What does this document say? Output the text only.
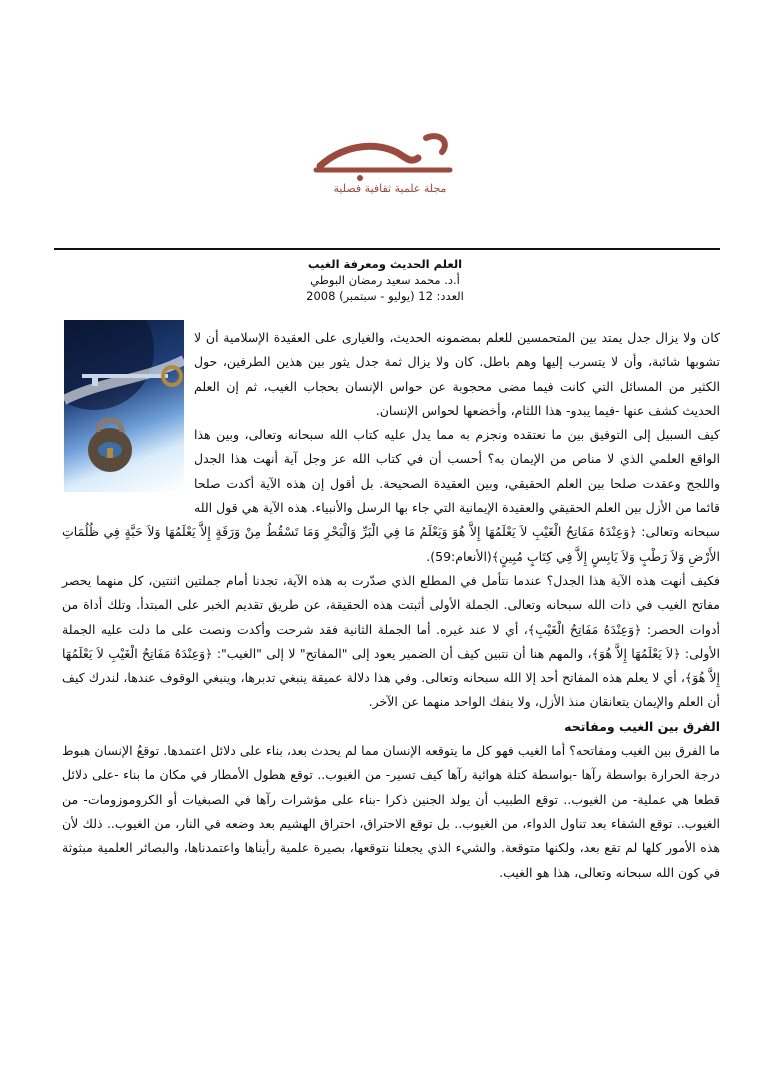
مجلة علمية ثقافية فصلية
العلم الحديث ومعرفة الغيب
أ.د. محمد سعيد رمضان البوطي
العدد: 12 (يوليو - سبتمبر) 2008

كان ولا يزال جدل يمتد بين المتحمسين للعلم بمضمونه الحديث، والغيارى على العقيدة الإسلامية أن لا تشوبها شائبة، وأن لا يتسرب إليها وهم باطل. كان ولا يزال ثمة جدل يثور بين هذين الطرفين، حول الكثير من المسائل التي كانت فيما مضى محجوبة عن حواس الإنسان بحجاب الغيب، ثم إن العلم الحديث كشف عنها -فيما يبدو- هذا اللثام، وأخضعها لحواس الإنسان.

كيف السبيل إلى التوفيق بين ما نعتقده ونجزم به مما يدل عليه كتاب الله سبحانه وتعالى، وبين هذا الواقع العلمي الذي لا مناص من الإيمان به؟ أحسب أن في كتاب الله عز وجل آية أنهت هذا الجدل واللجج وعقدت صلحا بين العلم الحقيقي، وبين العقيدة الصحيحة. بل أقول إن هذه الآية أكدت صلحا قائما من الأزل بين العلم الحقيقي والعقيدة الإيمانية التي جاء بها الرسل والأنبياء. هذه الآية هي قول الله سبحانه وتعالى: ﴿وَعِنْدَهُ مَفَاتِحُ الْغَيْبِ لاَ يَعْلَمُهَا إِلاَّ هُوَ وَيَعْلَمُ مَا فِي الْبَرِّ وَالْبَحْرِ وَمَا تَسْقُطُ مِنْ وَرَقَةٍ إِلاَّ يَعْلَمُهَا وَلاَ حَبَّةٍ فِي ظُلُمَاتِ الأَرْضِ وَلاَ رَطْبٍ وَلاَ يَابِسٍ إِلاَّ فِي كِتَابٍ مُبِينٍ﴾(الأنعام:59).

فكيف أنهت هذه الآية هذا الجدل؟ عندما نتأمل في المطلع الذي صدّرت به هذه الآية، تجدنا أمام جملتين اثنتين، كل منهما يحصر مفاتح الغيب في ذات الله سبحانه وتعالى. الجملة الأولى أثبتت هذه الحقيقة، عن طريق تقديم الخبر على المبتدأ. وتلك أداة من أدوات الحصر: ﴿وَعِنْدَهُ مَفَاتِحُ الْغَيْبِ﴾، أي لا عند غيره. أما الجملة الثانية فقد شرحت وأكدت ونصت على ما دلت عليه الجملة الأولى: ﴿لاَ يَعْلَمُهَا إِلاَّ هُوَ﴾، والمهم هنا أن نتبين كيف أن الضمير يعود إلى "المفاتح" لا إلى "الغيب": ﴿وَعِنْدَهُ مَفَاتِحُ الْغَيْبِ لاَ يَعْلَمُهَا إِلاَّ هُوَ﴾، أي لا يعلم هذه المفاتح أحد إلا الله سبحانه وتعالى. وفي هذا دلالة عميقة ينبغي تدبرها، وينبغي الوقوف عندها، لندرك كيف أن العلم والإيمان يتعانقان منذ الأزل، ولا ينفك الواحد منهما عن الآخر.

الفرق بين الغيب ومفاتحه

ما الفرق بين الغيب ومفاتحه؟ أما الغيب فهو كل ما يتوقعه الإنسان مما لم يحدث بعد، بناء على دلائل اعتمدها. توقعُ الإنسان هبوط درجة الحرارة بواسطة رآها -بواسطة كتلة هوائية رآها كيف تسير- من الغيوب.. توقع هطول الأمطار في مكان ما بناء -على دلائل قطعا هي عملية- من الغيوب.. توقع الطبيب أن يولد الجنين ذكرا -بناء على مؤشرات رآها في الصبغيات أو الكروموزومات- من الغيوب.. توقع الشفاء بعد تناول الدواء، من الغيوب.. بل توقع الاحتراق، احتراق الهشيم بعد وضعه في النار، من الغيوب.. ذلك لأن هذه الأمور كلها لم تقع بعد، ولكنها متوقعة. والشيء الذي يجعلنا نتوقعها، بصيرة علمية رأيناها واعتمدناها، والبصائر العلمية مبثوثة في كون الله سبحانه وتعالى، هذا هو الغيب.
